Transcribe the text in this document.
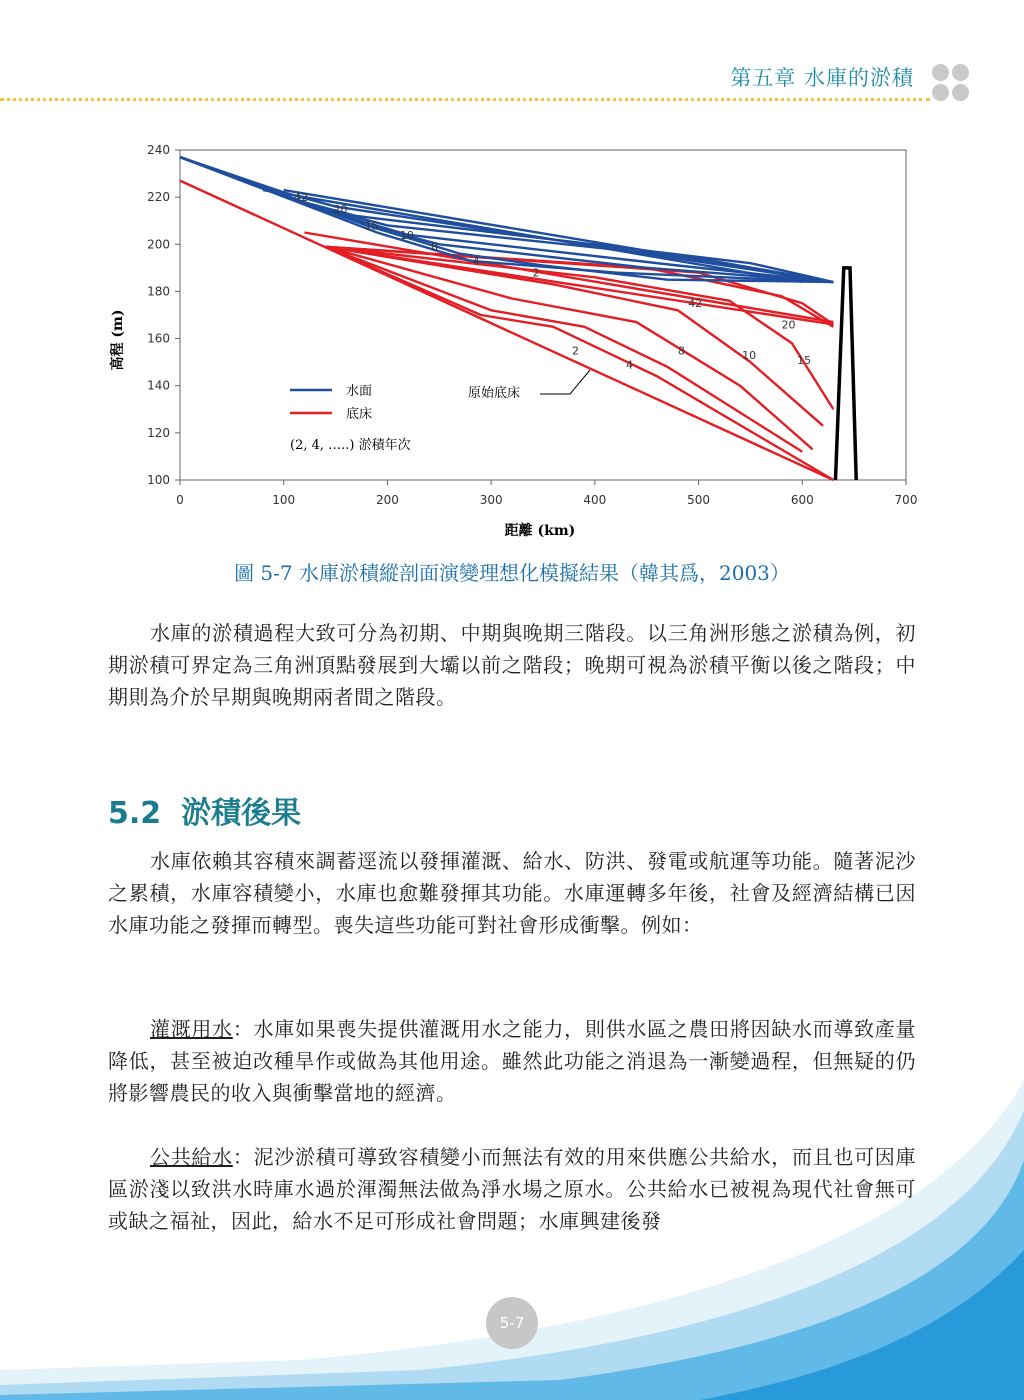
第五章 水庫的淤積
0	100	200	300	400	500	600	700
100
120
140
160
180
200
220
240
42
20
15
10
8
4
2
42
20
2
4
8	10	15
水面
底床
(2, 4, …..) 淤積年次
原始底床
距離 (km)
高程 (m)
圖 5-7 水庫淤積縱剖面演變理想化模擬結果（韓其爲，2003）

水庫的淤積過程大致可分為初期、中期與晚期三階段。以三角洲形態之淤積為例，初期淤積可界定為三角洲頂點發展到大壩以前之階段；晚期可視為淤積平衡以後之階段；中期則為介於早期與晚期兩者間之階段。

5.2 淤積後果

水庫依賴其容積來調蓄逕流以發揮灌溉、給水、防洪、發電或航運等功能。隨著泥沙之累積，水庫容積變小，水庫也愈難發揮其功能。水庫運轉多年後，社會及經濟結構已因水庫功能之發揮而轉型。喪失這些功能可對社會形成衝擊。例如：

灌溉用水：水庫如果喪失提供灌溉用水之能力，則供水區之農田將因缺水而導致產量降低，甚至被迫改種旱作或做為其他用途。雖然此功能之消退為一漸變過程，但無疑的仍將影響農民的收入與衝擊當地的經濟。

公共給水：泥沙淤積可導致容積變小而無法有效的用來供應公共給水，而且也可因庫區淤淺以致洪水時庫水過於渾濁無法做為淨水場之原水。公共給水已被視為現代社會無可或缺之福祉，因此，給水不足可形成社會問題；水庫興建後發

5-7
